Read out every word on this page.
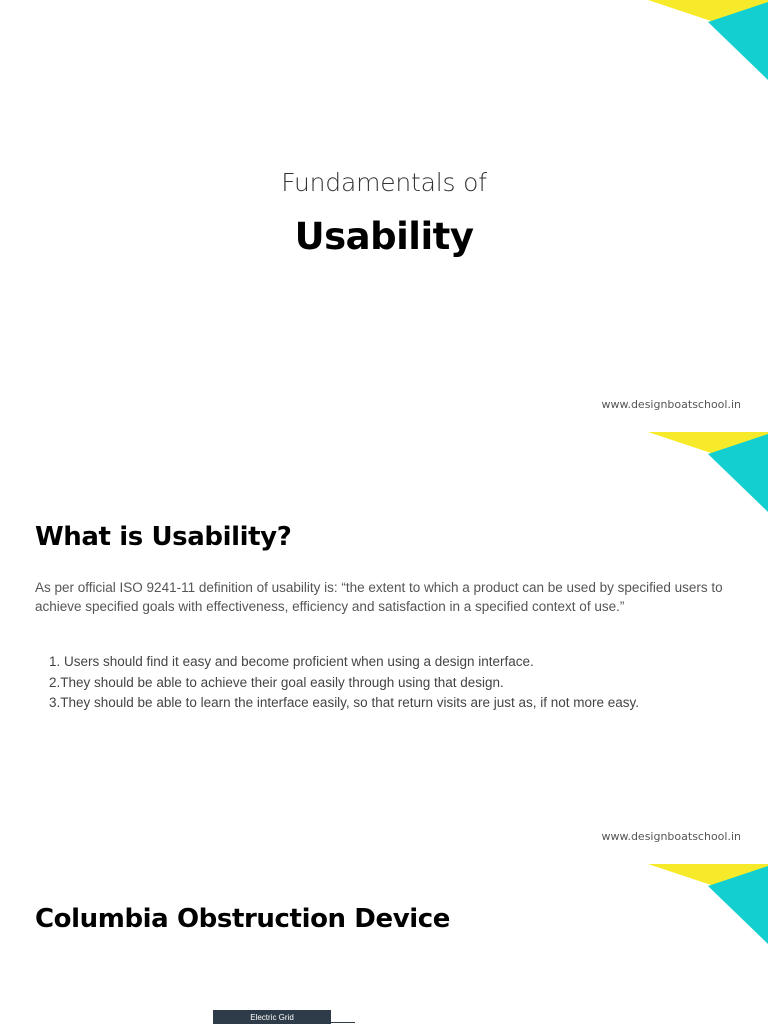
Fundamentals of
Usability
www.designboatschool.in
What is Usability?

As per official ISO 9241-11 definition of usability is: “the extent to which a product can be used by specified users to achieve specified goals with effectiveness, efficiency and satisfaction in a specified context of use.”

1. Users should find it easy and become proficient when using a design interface.
2.They should be able to achieve their goal easily through using that design.
3.They should be able to learn the interface easily, so that return visits are just as, if not more easy.
www.designboatschool.in
Columbia Obstruction Device
Electric Grid
